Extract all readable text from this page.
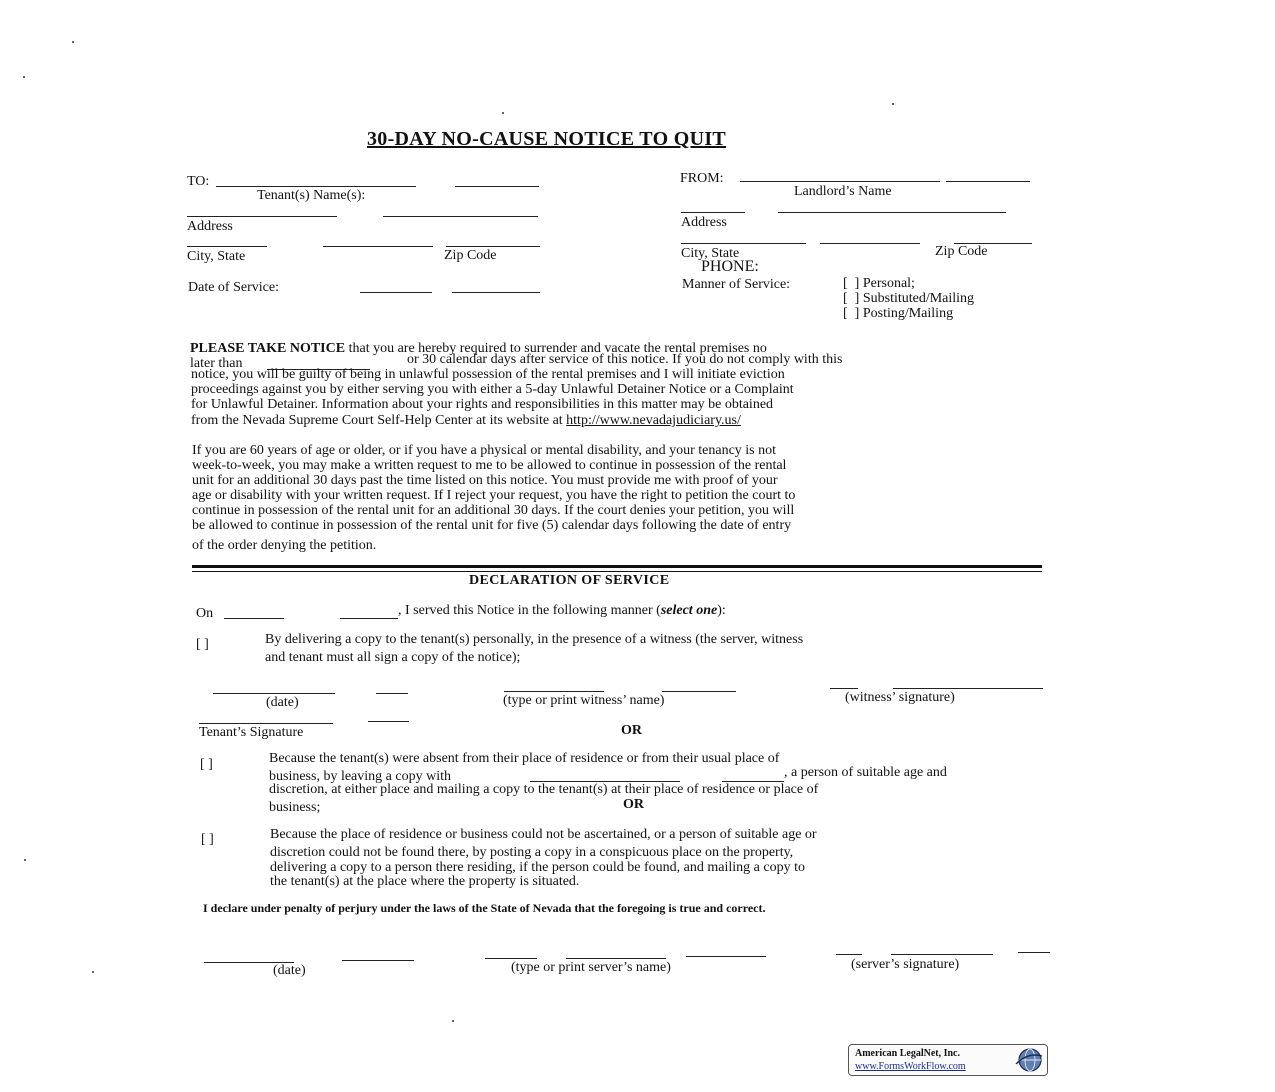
30-DAY NO-CAUSE NOTICE TO QUIT
TO:
Tenant(s) Name(s):
Address
City, State	Zip Code
Date of Service:
FROM:
Landlord’s Name
Address
City, State	Zip Code
PHONE:
Manner of Service:	[  ] Personal;
[  ] Substituted/Mailing
[  ] Posting/Mailing
PLEASE TAKE NOTICE that you are hereby required to surrender and vacate the rental premises no
later than	or 30 calendar days after service of this notice. If you do not comply with this
notice, you will be guilty of being in unlawful possession of the rental premises and I will initiate eviction
proceedings against you by either serving you with either a 5-day Unlawful Detainer Notice or a Complaint
for Unlawful Detainer. Information about your rights and responsibilities in this matter may be obtained
from the Nevada Supreme Court Self-Help Center at its website at http://www.nevadajudiciary.us/
If you are 60 years of age or older, or if you have a physical or mental disability, and your tenancy is not
week-to-week, you may make a written request to me to be allowed to continue in possession of the rental
unit for an additional 30 days past the time listed on this notice. You must provide me with proof of your
age or disability with your written request. If I reject your request, you have the right to petition the court to
continue in possession of the rental unit for an additional 30 days. If the court denies your petition, you will
be allowed to continue in possession of the rental unit for five (5) calendar days following the date of entry
of the order denying the petition.
DECLARATION OF SERVICE
On	, I served this Notice in the following manner (select one):
[ ]	By delivering a copy to the tenant(s) personally, in the presence of a witness (the server, witness
and tenant must all sign a copy of the notice);
(date)	(type or print witness’ name)	(witness’ signature)
Tenant’s Signature	OR
[ ]	Because the tenant(s) were absent from their place of residence or from their usual place of
business, by leaving a copy with	, a person of suitable age and
discretion, at either place and mailing a copy to the tenant(s) at their place of residence or place of
business;	OR
[ ]	Because the place of residence or business could not be ascertained, or a person of suitable age or
discretion could not be found there, by posting a copy in a conspicuous place on the property,
delivering a copy to a person there residing, if the person could be found, and mailing a copy to
the tenant(s) at the place where the property is situated.
I declare under penalty of perjury under the laws of the State of Nevada that the foregoing is true and correct.
(date)	(type or print server’s name)	(server’s signature)
American LegalNet, Inc.
www.FormsWorkFlow.com
